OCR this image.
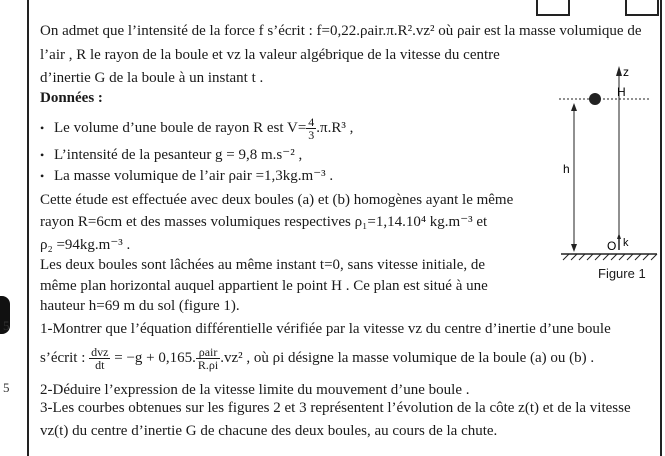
5
5
On admet que l’intensité de la force f s’écrit : f=0,22.ρair.π.R².vz² où ρair est la masse volumique de
l’air , R le rayon de la boule et vz la valeur algébrique de la vitesse du centre
d’inertie G de la boule à un instant t .
Données :
• Le volume d’une boule de rayon R est $V= \frac{4}{3} .\pi.R^3$ ,
• L’intensité de la pesanteur g = 9,8 m.s⁻² ,
• La masse volumique de l’air ρair =1,3kg.m⁻³ .
Cette étude est effectuée avec deux boules (a) et (b) homogènes ayant le même
rayon R=6cm et des masses volumiques respectives ρ₁=1,14.10⁴ kg.m⁻³ et
ρ₂ =94kg.m⁻³ .
Les deux boules sont lâchées au même instant t=0, sans vitesse initiale, de
même plan horizontal auquel appartient le point H . Ce plan est situé à une
hauteur h=69 m du sol (figure 1).
1-Montrer que l’équation différentielle vérifiée par la vitesse vz du centre d’inertie d’une boule
s’écrit : $\frac{\text{dvz}}{dt} = -g + 0,165$. $\frac{\text{ρair}}{R.\rho i} .vz^2$ , où ρi désigne la masse volumique de la boule (a) ou (b) .
2-Déduire l’expression de la vitesse limite du mouvement d’une boule .
3-Les courbes obtenues sur les figures 2 et 3 représentent l’évolution de la côte z(t) et de la vitesse
vz(t) du centre d’inertie G de chacune des deux boules, au cours de la chute.
z
H
h
O k
Figure 1
